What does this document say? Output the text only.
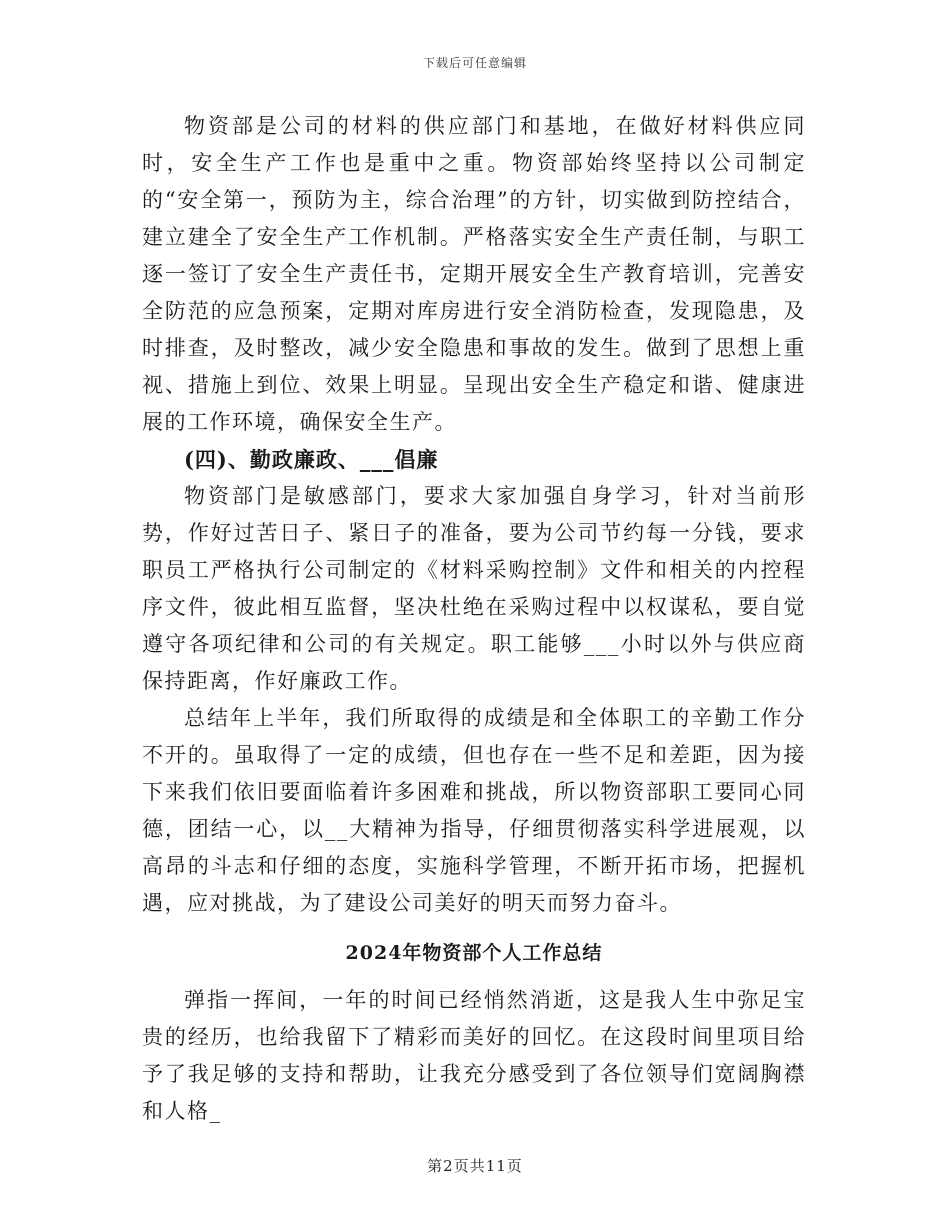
下载后可任意编辑

物资部是公司的材料的供应部门和基地，在做好材料供应同时，安全生产工作也是重中之重。物资部始终坚持以公司制定的“安全第一，预防为主，综合治理”的方针，切实做到防控结合，建立建全了安全生产工作机制。严格落实安全生产责任制，与职工逐一签订了安全生产责任书，定期开展安全生产教育培训，完善安全防范的应急预案，定期对库房进行安全消防检查，发现隐患，及时排查，及时整改，减少安全隐患和事故的发生。做到了思想上重视、措施上到位、效果上明显。呈现出安全生产稳定和谐、健康进展的工作环境，确保安全生产。

(四)、勤政廉政、___倡廉

物资部门是敏感部门，要求大家加强自身学习，针对当前形势，作好过苦日子、紧日子的准备，要为公司节约每一分钱，要求职员工严格执行公司制定的《材料采购控制》文件和相关的内控程序文件，彼此相互监督，坚决杜绝在采购过程中以权谋私，要自觉遵守各项纪律和公司的有关规定。职工能够___小时以外与供应商保持距离，作好廉政工作。

总结年上半年，我们所取得的成绩是和全体职工的辛勤工作分不开的。虽取得了一定的成绩，但也存在一些不足和差距，因为接下来我们依旧要面临着许多困难和挑战，所以物资部职工要同心同德，团结一心，以__大精神为指导，仔细贯彻落实科学进展观，以高昂的斗志和仔细的态度，实施科学管理，不断开拓市场，把握机遇，应对挑战，为了建设公司美好的明天而努力奋斗。

2024年物资部个人工作总结

弹指一挥间，一年的时间已经悄然消逝，这是我人生中弥足宝贵的经历，也给我留下了精彩而美好的回忆。在这段时间里项目给予了我足够的支持和帮助，让我充分感受到了各位领导们宽阔胸襟和人格_

第2页共11页
